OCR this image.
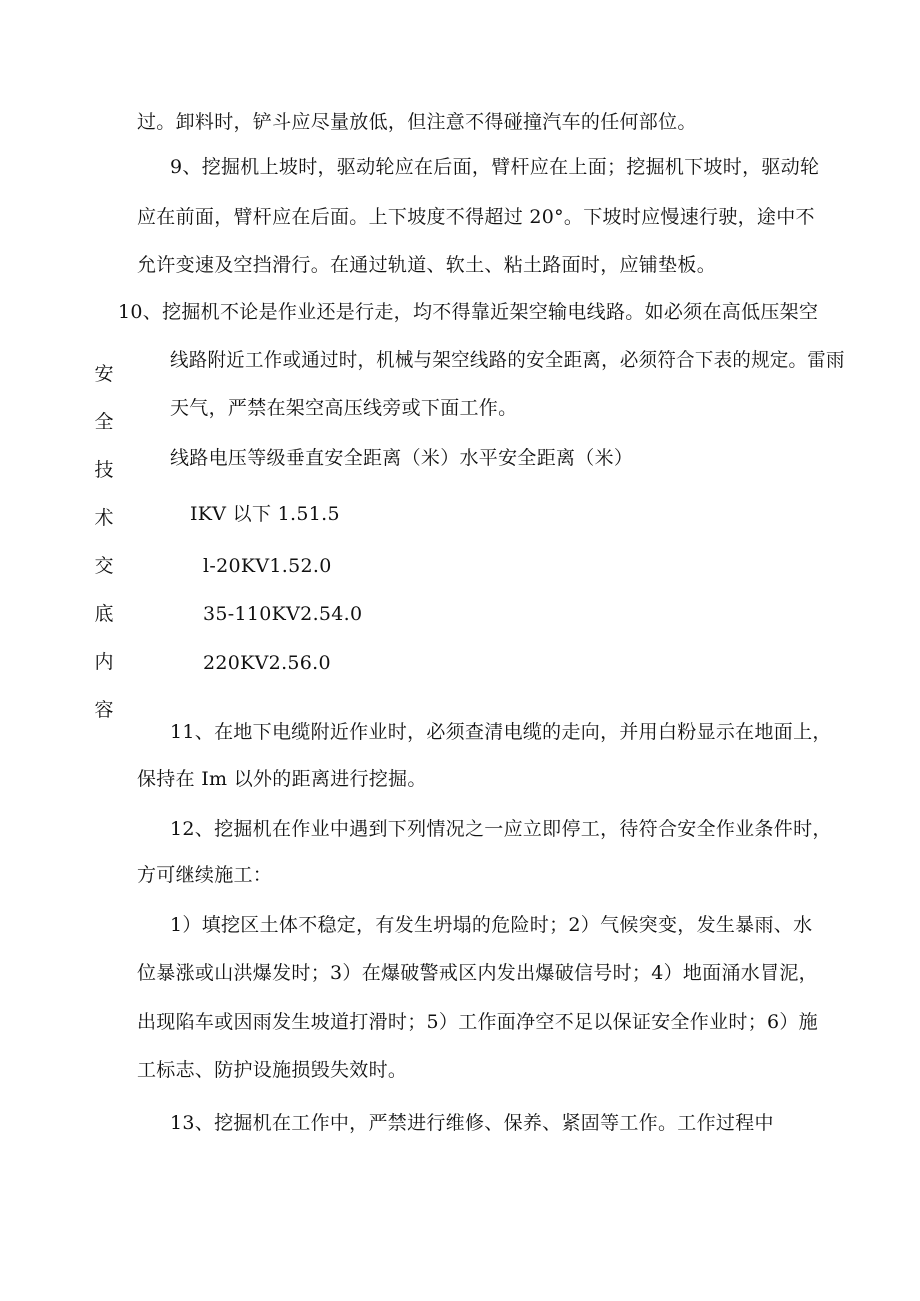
安
全
技
术
交
底
内
容
过。卸料时，铲斗应尽量放低，但注意不得碰撞汽车的任何部位。
9、挖掘机上坡时，驱动轮应在后面，臂杆应在上面；挖掘机下坡时，驱动轮
应在前面，臂杆应在后面。上下坡度不得超过 20°。下坡时应慢速行驶，途中不
允许变速及空挡滑行。在通过轨道、软土、粘土路面时，应铺垫板。
10、挖掘机不论是作业还是行走，均不得靠近架空输电线路。如必须在高低压架空
线路附近工作或通过时，机械与架空线路的安全距离，必须符合下表的规定。雷雨
天气，严禁在架空高压线旁或下面工作。
线路电压等级垂直安全距离（米）水平安全距离（米）
IKV 以下 1.51.5
l-20KV1.52.0
35-110KV2.54.0
220KV2.56.0
11、在地下电缆附近作业时，必须查清电缆的走向，并用白粉显示在地面上，
保持在 Im 以外的距离进行挖掘。
12、挖掘机在作业中遇到下列情况之一应立即停工，待符合安全作业条件时，
方可继续施工：
1）填挖区土体不稳定，有发生坍塌的危险时；2）气候突变，发生暴雨、水
位暴涨或山洪爆发时；3）在爆破警戒区内发出爆破信号时；4）地面涌水冒泥，
出现陷车或因雨发生坡道打滑时；5）工作面净空不足以保证安全作业时；6）施
工标志、防护设施损毁失效时。
13、挖掘机在工作中，严禁进行维修、保养、紧固等工作。工作过程中
